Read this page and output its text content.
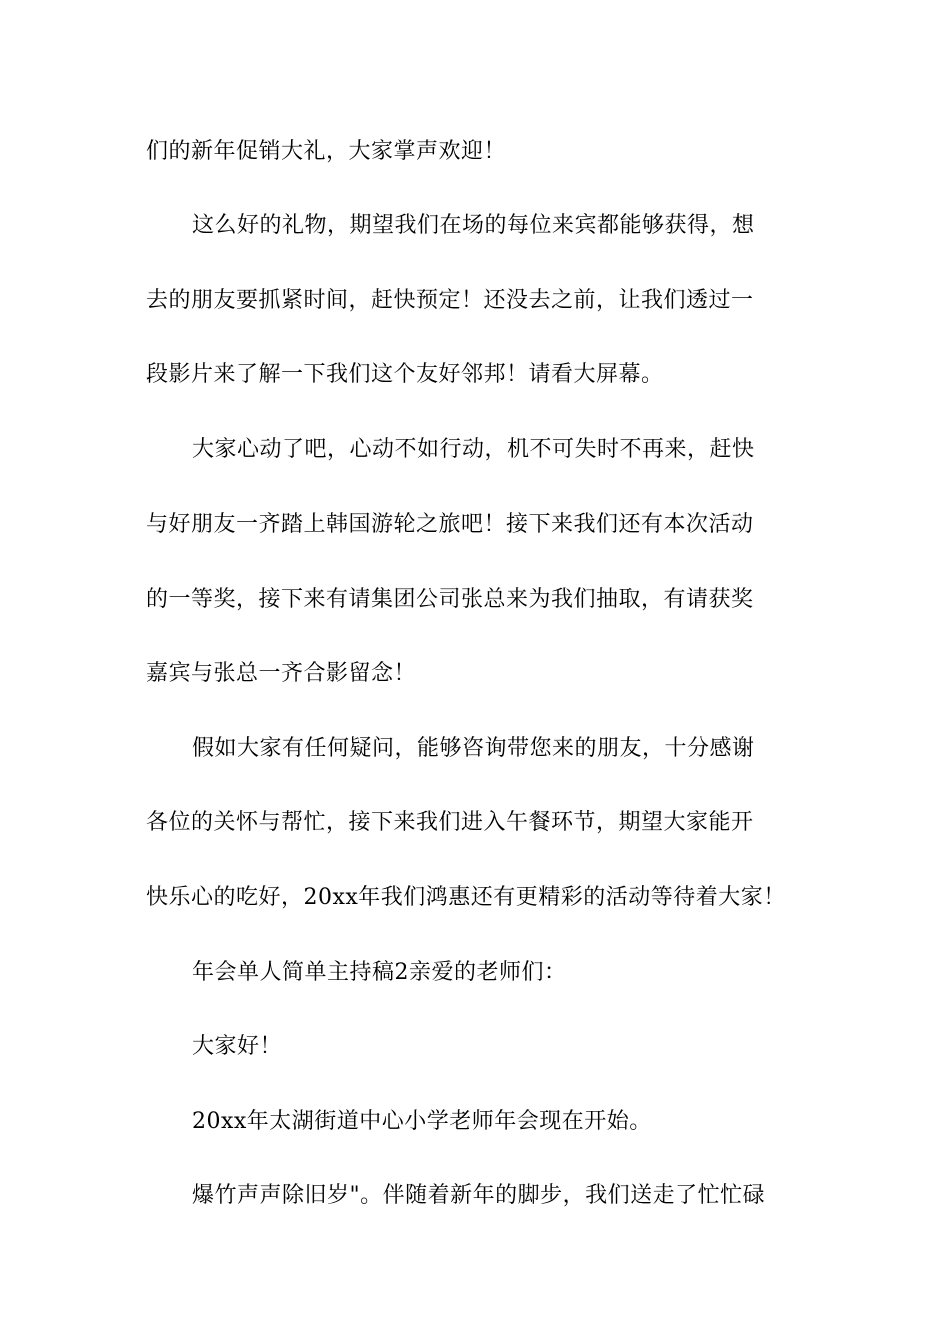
们的新年促销大礼，大家掌声欢迎！
这么好的礼物，期望我们在场的每位来宾都能够获得，想
去的朋友要抓紧时间，赶快预定！还没去之前，让我们透过一
段影片来了解一下我们这个友好邻邦！请看大屏幕。
大家心动了吧，心动不如行动，机不可失时不再来，赶快
与好朋友一齐踏上韩国游轮之旅吧！接下来我们还有本次活动
的一等奖，接下来有请集团公司张总来为我们抽取，有请获奖
嘉宾与张总一齐合影留念！
假如大家有任何疑问，能够咨询带您来的朋友，十分感谢
各位的关怀与帮忙，接下来我们进入午餐环节，期望大家能开
快乐心的吃好，20xx年我们鸿惠还有更精彩的活动等待着大家！
年会单人简单主持稿2亲爱的老师们：
大家好！
20xx年太湖街道中心小学老师年会现在开始。
爆竹声声除旧岁"。伴随着新年的脚步，我们送走了忙忙碌
